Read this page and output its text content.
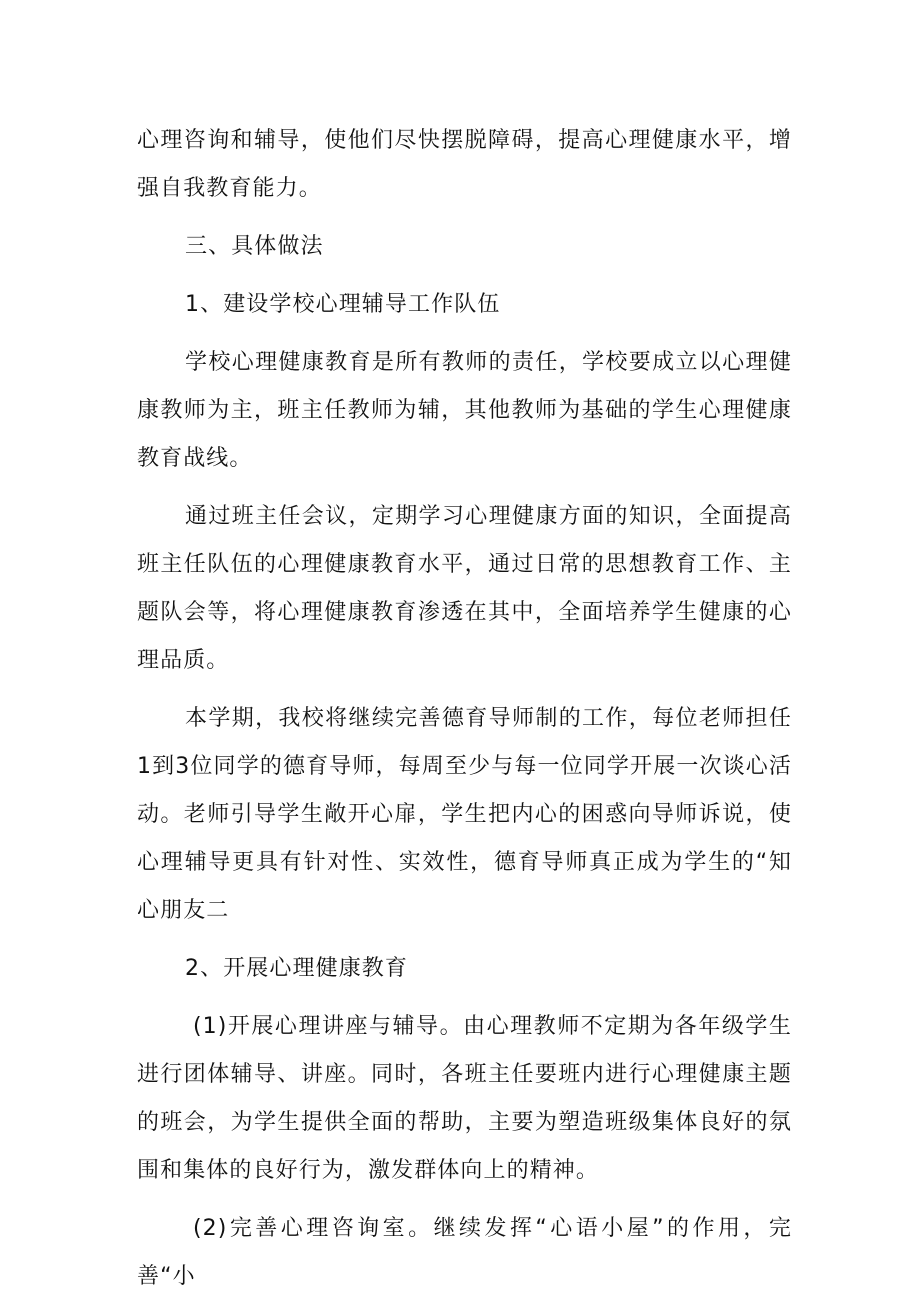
心理咨询和辅导，使他们尽快摆脱障碍，提高心理健康水平，增强自我教育能力。

三、具体做法

1、建设学校心理辅导工作队伍

学校心理健康教育是所有教师的责任，学校要成立以心理健康教师为主，班主任教师为辅，其他教师为基础的学生心理健康教育战线。

通过班主任会议，定期学习心理健康方面的知识，全面提高班主任队伍的心理健康教育水平，通过日常的思想教育工作、主题队会等，将心理健康教育渗透在其中，全面培养学生健康的心理品质。

本学期，我校将继续完善德育导师制的工作，每位老师担任1到3位同学的德育导师，每周至少与每一位同学开展一次谈心活动。老师引导学生敞开心扉，学生把内心的困惑向导师诉说，使心理辅导更具有针对性、实效性，德育导师真正成为学生的“知心朋友二

2、开展心理健康教育

(1)开展心理讲座与辅导。由心理教师不定期为各年级学生进行团体辅导、讲座。同时，各班主任要班内进行心理健康主题的班会，为学生提供全面的帮助，主要为塑造班级集体良好的氛围和集体的良好行为，激发群体向上的精神。

(2)完善心理咨询室。继续发挥“心语小屋”的作用，完善“小
